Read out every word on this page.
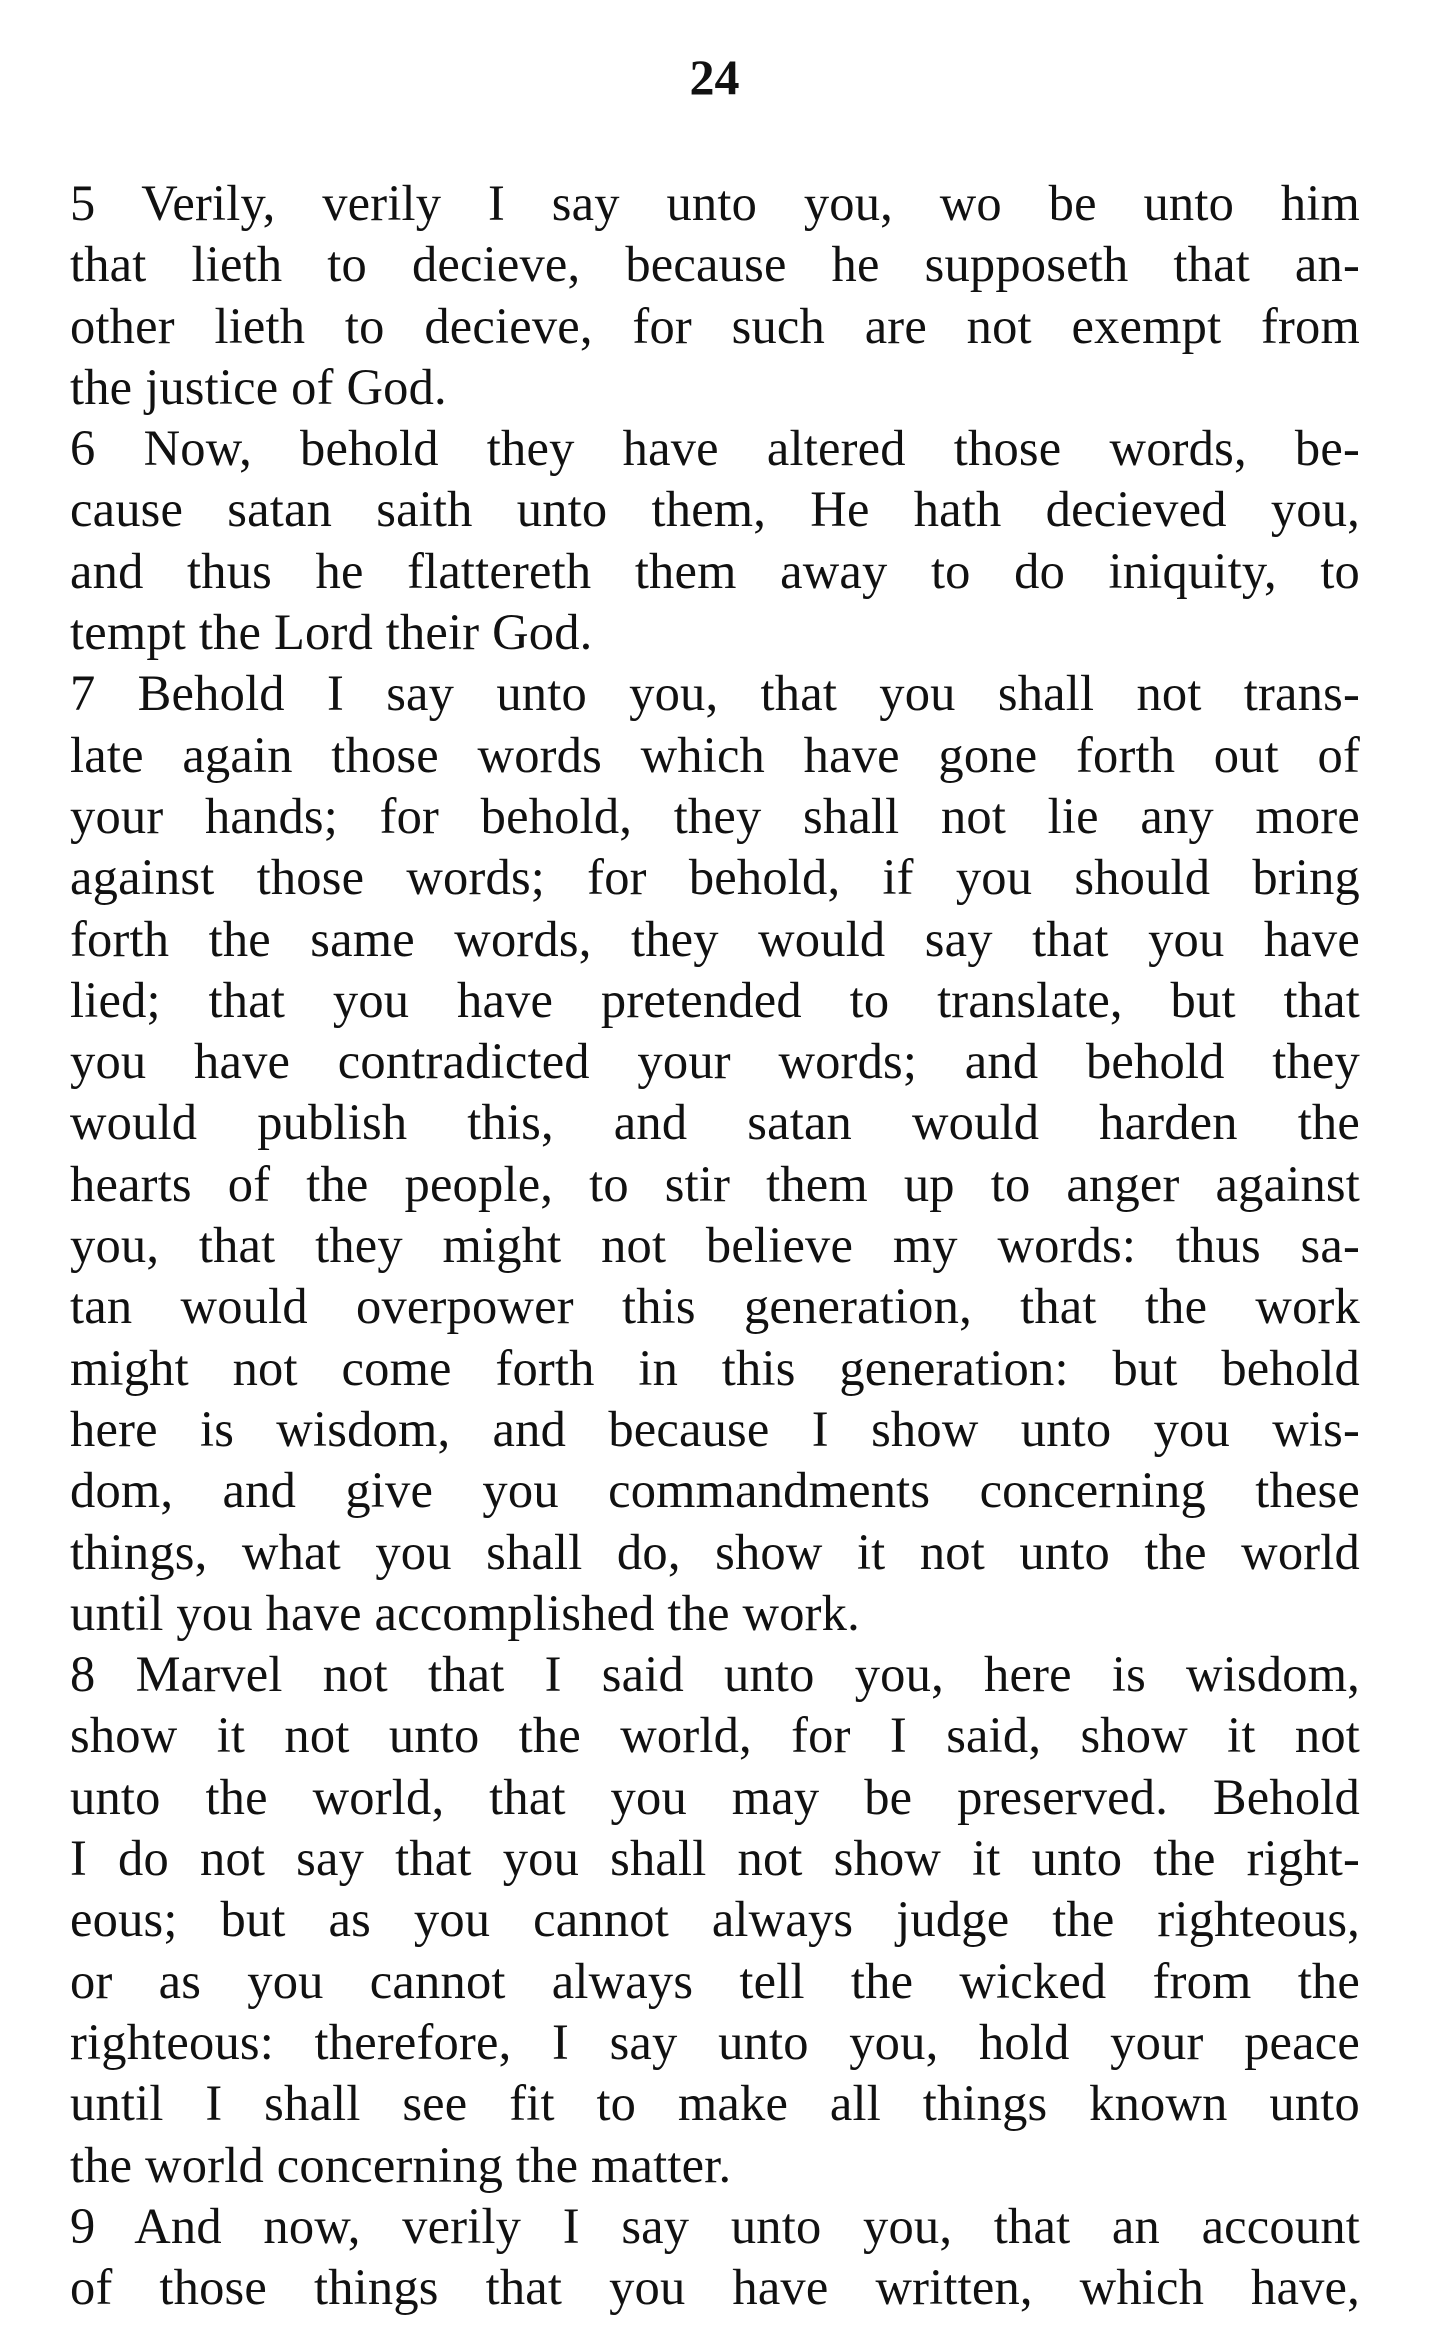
24
5 Verily, verily I say unto you, wo be unto him
that lieth to decieve, because he supposeth that an-
other lieth to decieve, for such are not exempt from
the justice of God.
6 Now, behold they have altered those words, be-
cause satan saith unto them, He hath decieved you,
and thus he flattereth them away to do iniquity, to
tempt the Lord their God.
7 Behold I say unto you, that you shall not trans-
late again those words which have gone forth out of
your hands; for behold, they shall not lie any more
against those words; for behold, if you should bring
forth the same words, they would say that you have
lied; that you have pretended to translate, but that
you have contradicted your words; and behold they
would publish this, and satan would harden the
hearts of the people, to stir them up to anger against
you, that they might not believe my words: thus sa-
tan would overpower this generation, that the work
might not come forth in this generation: but behold
here is wisdom, and because I show unto you wis-
dom, and give you commandments concerning these
things, what you shall do, show it not unto the world
until you have accomplished the work.
8 Marvel not that I said unto you, here is wisdom,
show it not unto the world, for I said, show it not
unto the world, that you may be preserved. Behold
I do not say that you shall not show it unto the right-
eous; but as you cannot always judge the righteous,
or as you cannot always tell the wicked from the
righteous: therefore, I say unto you, hold your peace
until I shall see fit to make all things known unto
the world concerning the matter.
9 And now, verily I say unto you, that an account
of those things that you have written, which have,
